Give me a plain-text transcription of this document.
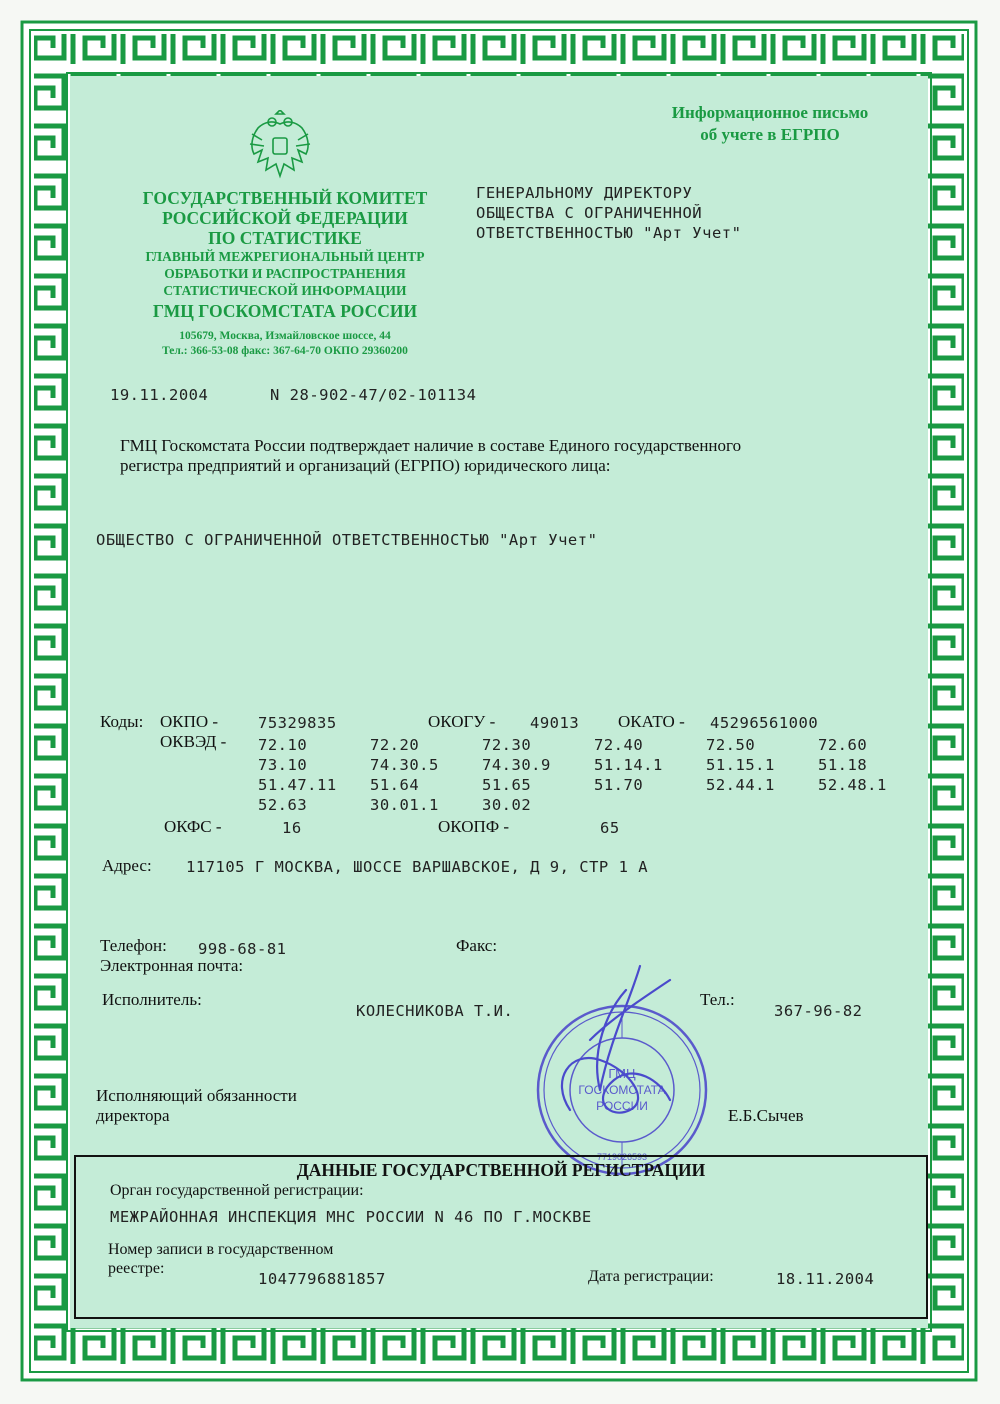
Информационное письмо
об учете в ЕГРПО
ГОСУДАРСТВЕННЫЙ КОМИТЕТ
РОССИЙСКОЙ ФЕДЕРАЦИИ
ПО СТАТИСТИКЕ
ГЛАВНЫЙ МЕЖРЕГИОНАЛЬНЫЙ ЦЕНТР
ОБРАБОТКИ И РАСПРОСТРАНЕНИЯ
СТАТИСТИЧЕСКОЙ ИНФОРМАЦИИ
ГМЦ ГОСКОМСТАТА РОССИИ
105679, Москва, Измайловское шоссе, 44
Тел.: 366-53-08 факс: 367-64-70 ОКПО 29360200
ГЕНЕРАЛЬНОМУ ДИРЕКТОРУ
ОБЩЕСТВА С ОГРАНИЧЕННОЙ
ОТВЕТСТВЕННОСТЬЮ "Арт Учет"
19.11.2004	N 28-902-47/02-101134
ГМЦ Госкомстата России подтверждает наличие в составе Единого государственного
регистра предприятий и организаций (ЕГРПО) юридического лица:
ОБЩЕСТВО С ОГРАНИЧЕННОЙ ОТВЕТСТВЕННОСТЬЮ "Арт Учет"
Коды: ОКПО -	75329835	ОКОГУ - 49013 ОКАТО - 45296561000
ОКВЭД - 72.10	72.20	72.30	72.40	72.50	72.60
73.10	74.30.5	74.30.9	51.14.1	51.15.1	51.18
51.47.11	51.64	51.65	51.70	52.44.1	52.48.1
52.63	30.01.1	30.02
ОКФС -	16	ОКОПФ -	65
Адрес: 117105 Г МОСКВА, ШОССЕ ВАРШАВСКОЕ, Д 9, СТР 1 А
Телефон: 998-68-81	Факс:
Электронная почта:
Исполнитель:
КОЛЕСНИКОВА Т.И.
Тел.:
367-96-82
Исполняющий обязанности
директора	Е.Б.Сычев
ГМЦ
ГОСКОМСТАТА
РОССИИ
7719026593
ДАННЫЕ ГОСУДАРСТВЕННОЙ РЕГИСТРАЦИИ
Орган государственной регистрации:
МЕЖРАЙОННАЯ ИНСПЕКЦИЯ МНС РОССИИ N 46 ПО Г.МОСКВЕ
Номер записи в государственном
реестре:
1047796881857	Дата регистрации:	18.11.2004
